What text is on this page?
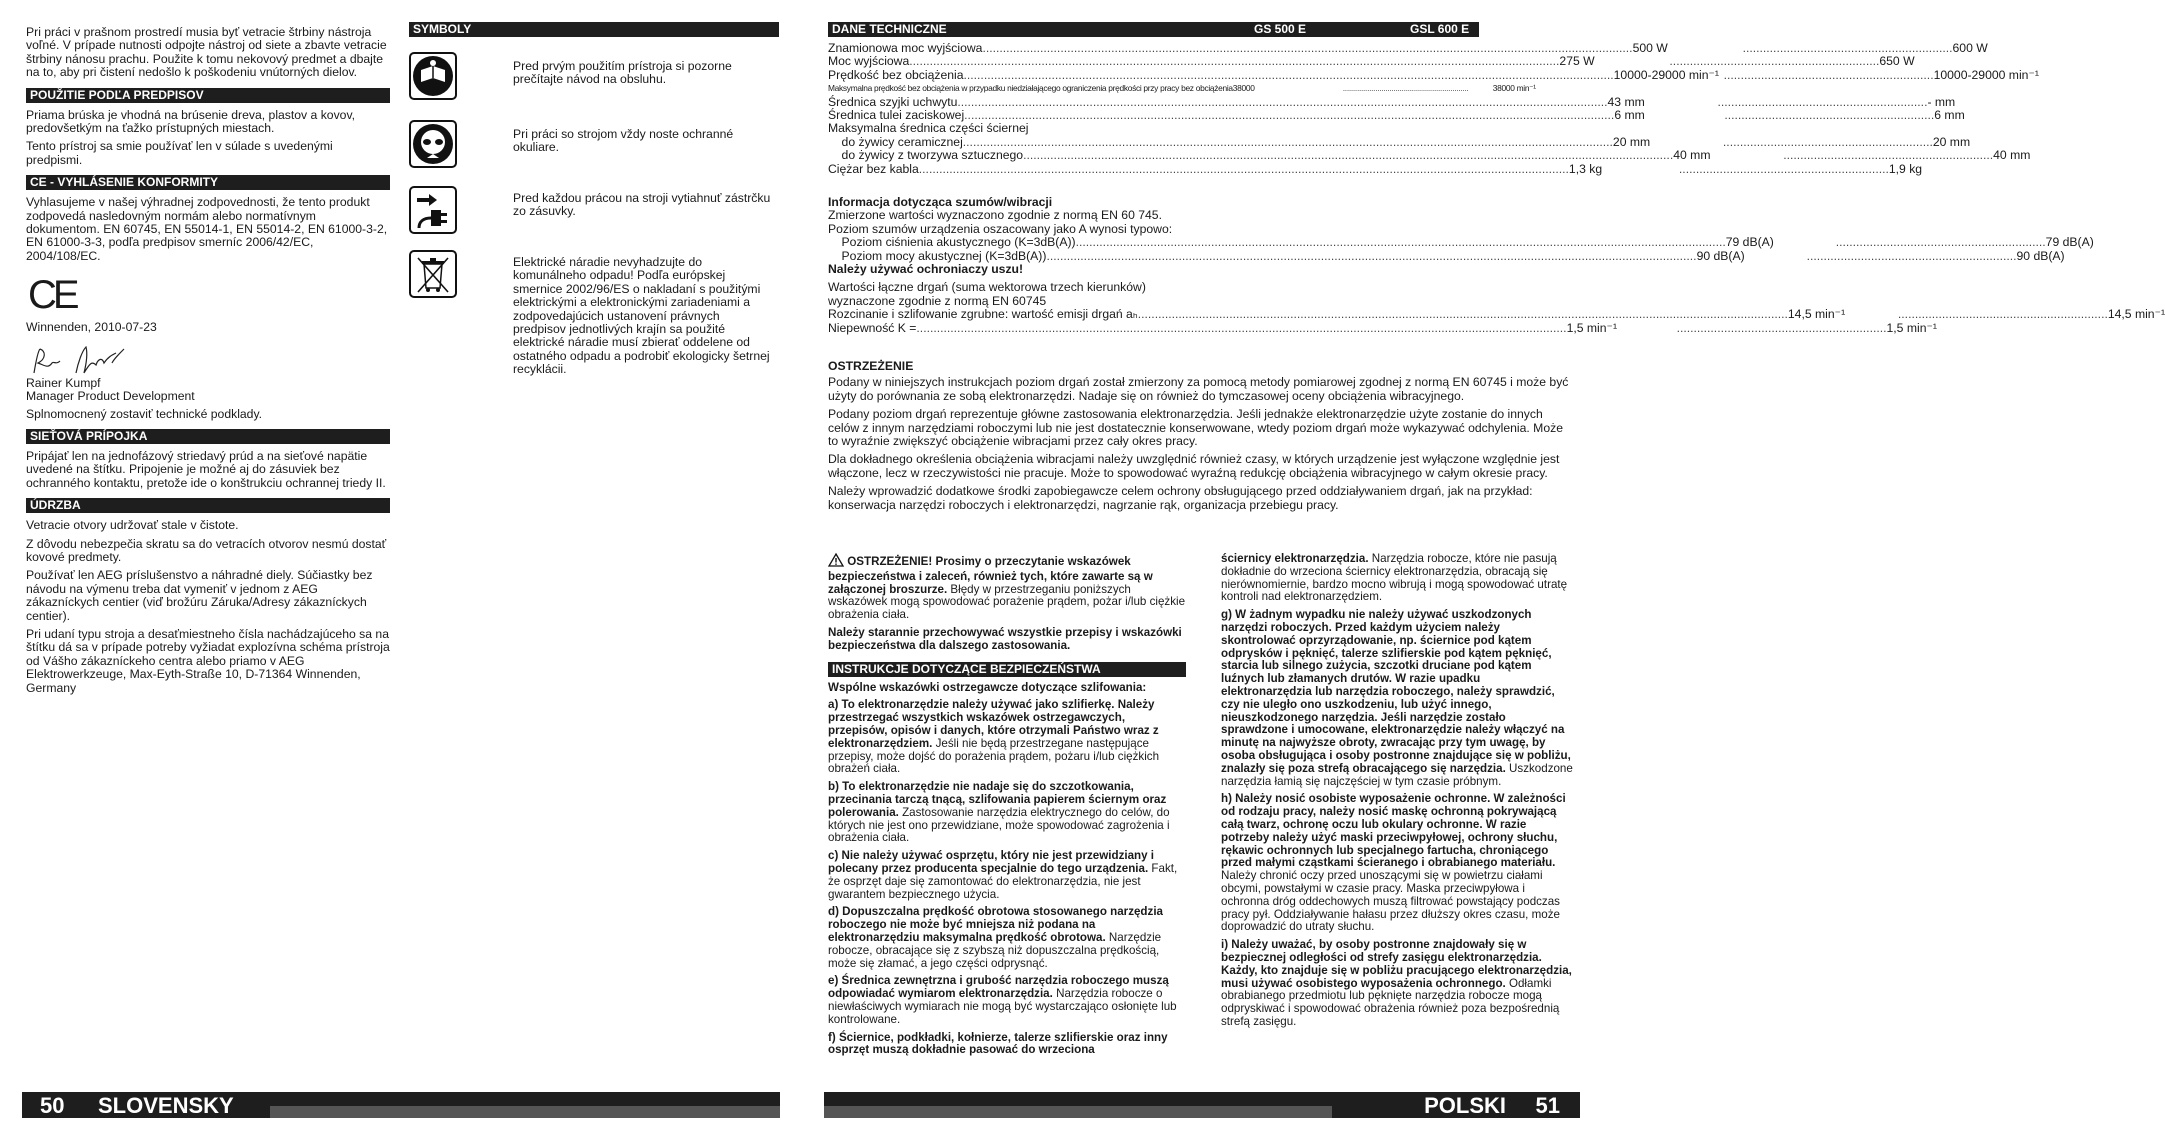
Pri práci v prašnom prostredí musia byť vetracie štrbiny nástroja voľné. V prípade nutnosti odpojte nástroj od siete a zbavte vetracie štrbiny nánosu prachu. Použite k tomu nekovový predmet a dbajte na to, aby pri čistení nedošlo k poškodeniu vnútorných dielov.

POUŽITIE PODĽA PREDPISOV

Priama brúska je vhodná na brúsenie dreva, plastov a kovov, predovšetkým na ťažko prístupných miestach.

Tento prístroj sa smie používať len v súlade s uvedenými predpismi.

CE - VYHLÁSENIE KONFORMITY

Vyhlasujeme v našej výhradnej zodpovednosti, že tento produkt zodpovedá nasledovným normám alebo normatívnym dokumentom. EN 60745, EN 55014-1, EN 55014-2, EN 61000-3-2, EN 61000-3-3, podľa predpisov smerníc 2006/42/EC, 2004/108/EC.

CE

Winnenden, 2010-07-23

Rainer Kumpf
Manager Product Development

Splnomocnený zostaviť technické podklady.

SIEŤOVÁ PRÍPOJKA

Pripájať len na jednofázový striedavý prúd a na sieťové napätie uvedené na štítku. Pripojenie je možné aj do zásuviek bez ochranného kontaktu, pretože ide o konštrukciu ochrannej triedy II.

ÚDRZBA

Vetracie otvory udržovať stale v čistote.

Z dôvodu nebezpečia skratu sa do vetracích otvorov nesmú dostať kovové predmety.

Používať len AEG príslušenstvo a náhradné diely. Súčiastky bez návodu na výmenu treba dat vymeniť v jednom z AEG zákazníckych centier (viď brožúru Záruka/Adresy zákazníckych centier).

Pri udaní typu stroja a desaťmiestneho čísla nachádzajúceho sa na štítku dá sa v prípade potreby vyžiadat explozívna schéma prístroja od Vášho zákazníckeho centra alebo priamo v AEG Elektrowerkzeuge, Max-Eyth-Straße 10, D-71364 Winnenden, Germany

SYMBOLY
Pred prvým použitím prístroja si pozorne prečítajte návod na obsluhu.
Pri práci so strojom vždy noste ochranné okuliare.
Pred každou prácou na stroji vytiahnuť zástrčku zo zásuvky.
Elektrické náradie nevyhadzujte do komunálneho odpadu! Podľa európskej smernice 2002/96/ES o nakladaní s použitými elektrickými a elektronickými zariadeniami a zodpovedajúcich ustanovení právnych predpisov jednotlivých krajín sa použité elektrické náradie musí zbierať oddelene od ostatného odpadu a podrobiť ekologicky šetrnej recyklácii.
DANE TECHNICZNE	GS 500 E	GSL 600 E
Znamionowa moc wyjściowa .....	500 W .....	600 W
Moc wyjściowa .....	275 W .....	650 W
Prędkość bez obciążenia .....	10000-29000 min⁻¹ .....	10000-29000 min⁻¹
Maksymalna prędkość bez obciążenia w przypadku niedziałającego ograniczenia prędkości przy pracy bez obciążenia 38000 .....	38000 min⁻¹
Średnica szyjki uchwytu .....	43 mm .....	- mm
Średnica tulei zaciskowej .....	6 mm .....	6 mm
Maksymalna średnica części ściernej
do żywicy ceramicznej .....	20 mm .....	20 mm
do żywicy z tworzywa sztucznego .....	40 mm .....	40 mm
Ciężar bez kabla .....	1,3 kg .....	1,9 kg
Informacja dotycząca szumów/wibracji
Zmierzone wartości wyznaczono zgodnie z normą EN 60 745.
Poziom szumów urządzenia oszacowany jako A wynosi typowo:
Poziom ciśnienia akustycznego (K=3dB(A)) .....	79 dB(A) .....	79 dB(A)
Poziom mocy akustycznej (K=3dB(A)) .....	90 dB(A) .....	90 dB(A)
Należy używać ochroniaczy uszu!
Wartości łączne drgań (suma wektorowa trzech kierunków)
wyznaczone zgodnie z normą EN 60745
Rozcinanie i szlifowanie zgrubne: wartość emisji drgań aₕ .....	14,5 min⁻¹ .....	14,5 min⁻¹
Niepewność K = .....	1,5 min⁻¹ .....	1,5 min⁻¹
OSTRZEŻENIE

Podany w niniejszych instrukcjach poziom drgań został zmierzony za pomocą metody pomiarowej zgodnej z normą EN 60745 i może być użyty do porównania ze sobą elektronarzędzi. Nadaje się on również do tymczasowej oceny obciążenia wibracyjnego.

Podany poziom drgań reprezentuje główne zastosowania elektronarzędzia. Jeśli jednakże elektronarzędzie użyte zostanie do innych celów z innym narzędziami roboczymi lub nie jest dostatecznie konserwowane, wtedy poziom drgań może wykazywać odchylenia. Może to wyraźnie zwiększyć obciążenie wibracjami przez cały okres pracy.

Dla dokładnego określenia obciążenia wibracjami należy uwzględnić również czasy, w których urządzenie jest wyłączone względnie jest włączone, lecz w rzeczywistości nie pracuje. Może to spowodować wyraźną redukcję obciążenia wibracyjnego w całym okresie pracy.

Należy wprowadzić dodatkowe środki zapobiegawcze celem ochrony obsługującego przed oddziaływaniem drgań, jak na przykład: konserwacja narzędzi roboczych i elektronarzędzi, nagrzanie rąk, organizacja przebiegu pracy.

OSTRZEŻENIE! Prosimy o przeczytanie wskazówek bezpieczeństwa i zaleceń, również tych, które zawarte są w załączonej broszurze. Błędy w przestrzeganiu poniższych wskazówek mogą spowodować porażenie prądem, pożar i/lub ciężkie obrażenia ciała.

Należy starannie przechowywać wszystkie przepisy i wskazówki bezpieczeństwa dla dalszego zastosowania.

INSTRUKCJE DOTYCZĄCE BEZPIECZEŃSTWA

Wspólne wskazówki ostrzegawcze dotyczące szlifowania:

a) To elektronarzędzie należy używać jako szlifierkę. Należy przestrzegać wszystkich wskazówek ostrzegawczych, przepisów, opisów i danych, które otrzymali Państwo wraz z elektronarzędziem. Jeśli nie będą przestrzegane następujące przepisy, może dojść do porażenia prądem, pożaru i/lub ciężkich obrażeń ciała.

b) To elektronarzędzie nie nadaje się do szczotkowania, przecinania tarczą tnącą, szlifowania papierem ściernym oraz polerowania. Zastosowanie narzędzia elektrycznego do celów, do których nie jest ono przewidziane, może spowodować zagrożenia i obrażenia ciała.

c) Nie należy używać osprzętu, który nie jest przewidziany i polecany przez producenta specjalnie do tego urządzenia. Fakt, że osprzęt daje się zamontować do elektronarzędzia, nie jest gwarantem bezpiecznego użycia.

d) Dopuszczalna prędkość obrotowa stosowanego narzędzia roboczego nie może być mniejsza niż podana na elektronarzędziu maksymalna prędkość obrotowa. Narzędzie robocze, obracające się z szybszą niż dopuszczalna prędkością, może się złamać, a jego części odprysnąć.

e) Średnica zewnętrzna i grubość narzędzia roboczego muszą odpowiadać wymiarom elektronarzędzia. Narzędzia robocze o niewłaściwych wymiarach nie mogą być wystarczająco osłonięte lub kontrolowane.

f) Ściernice, podkładki, kołnierze, talerze szlifierskie oraz inny osprzęt muszą dokładnie pasować do wrzeciona

ściernicy elektronarzędzia. Narzędzia robocze, które nie pasują dokładnie do wrzeciona ściernicy elektronarzędzia, obracają się nierównomiernie, bardzo mocno wibrują i mogą spowodować utratę kontroli nad elektronarzędziem.

g) W żadnym wypadku nie należy używać uszkodzonych narzędzi roboczych. Przed każdym użyciem należy skontrolować oprzyrządowanie, np. ściernice pod kątem odprysków i pęknięć, talerze szlifierskie pod kątem pęknięć, starcia lub silnego zużycia, szczotki druciane pod kątem luźnych lub złamanych drutów. W razie upadku elektronarzędzia lub narzędzia roboczego, należy sprawdzić, czy nie uległo ono uszkodzeniu, lub użyć innego, nieuszkodzonego narzędzia. Jeśli narzędzie zostało sprawdzone i umocowane, elektronarzędzie należy włączyć na minutę na najwyższe obroty, zwracając przy tym uwagę, by osoba obsługująca i osoby postronne znajdujące się w pobliżu, znalazły się poza strefą obracającego się narzędzia. Uszkodzone narzędzia łamią się najczęściej w tym czasie próbnym.

h) Należy nosić osobiste wyposażenie ochronne. W zależności od rodzaju pracy, należy nosić maskę ochronną pokrywającą całą twarz, ochronę oczu lub okulary ochronne. W razie potrzeby należy użyć maski przeciwpyłowej, ochrony słuchu, rękawic ochronnych lub specjalnego fartucha, chroniącego przed małymi cząstkami ścieranego i obrabianego materiału. Należy chronić oczy przed unoszącymi się w powietrzu ciałami obcymi, powstałymi w czasie pracy. Maska przeciwpyłowa i ochronna dróg oddechowych muszą filtrować powstający podczas pracy pył. Oddziaływanie hałasu przez dłuższy okres czasu, może doprowadzić do utraty słuchu.

i) Należy uważać, by osoby postronne znajdowały się w bezpiecznej odległości od strefy zasięgu elektronarzędzia. Każdy, kto znajduje się w pobliżu pracującego elektronarzędzia, musi używać osobistego wyposażenia ochronnego. Odłamki obrabianego przedmiotu lub pęknięte narzędzia robocze mogą odpryskiwać i spowodować obrażenia również poza bezpośrednią strefą zasięgu.

50 SLOVENSKY	POLSKI 51
